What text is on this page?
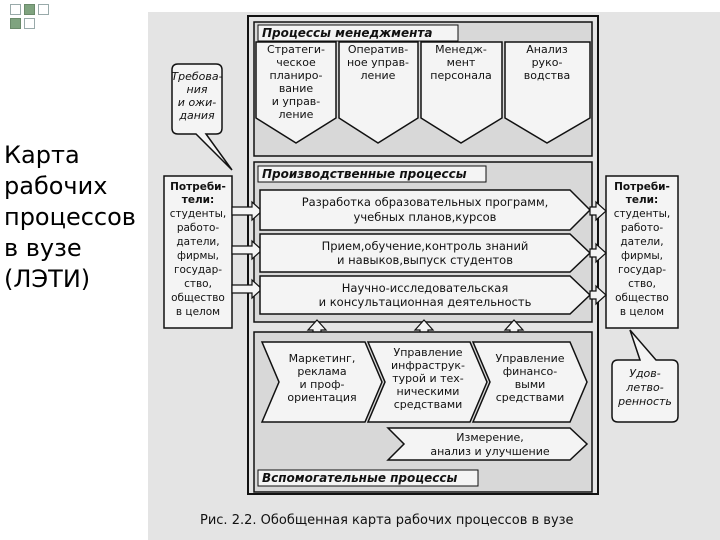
Карта
рабочих
процессов
в вузе
(ЛЭТИ)
Процессы менеджмента
Стратеги-
ческое
планиро-
вание
и управ-
ление
Оператив-
ное управ-
ление
Менедж-
мент
персонала
Анализ
руко-
водства
Требова-
ния
и ожи-
дания
Потреби-
тели:
студенты,
работо-
датели,
фирмы,
государ-
ство,
общество
в целом
Потреби-
тели:
студенты,
работо-
датели,
фирмы,
государ-
ство,
общество
в целом
Производственные процессы
Разработка образовательных программ,
учебных планов,курсов
Прием,обучение,контроль знаний
и навыков,выпуск студентов
Научно-исследовательская
и консультационная деятельность
Маркетинг,
реклама
и проф-
ориентация
Управление
инфраструк-
турой и тех-
ническими
средствами
Управление
финансо-
выми
средствами
Измерение,
анализ и улучшение
Вспомогательные процессы
Удов-
летво-
ренность
Рис. 2.2. Обобщенная карта рабочих процессов в вузе
